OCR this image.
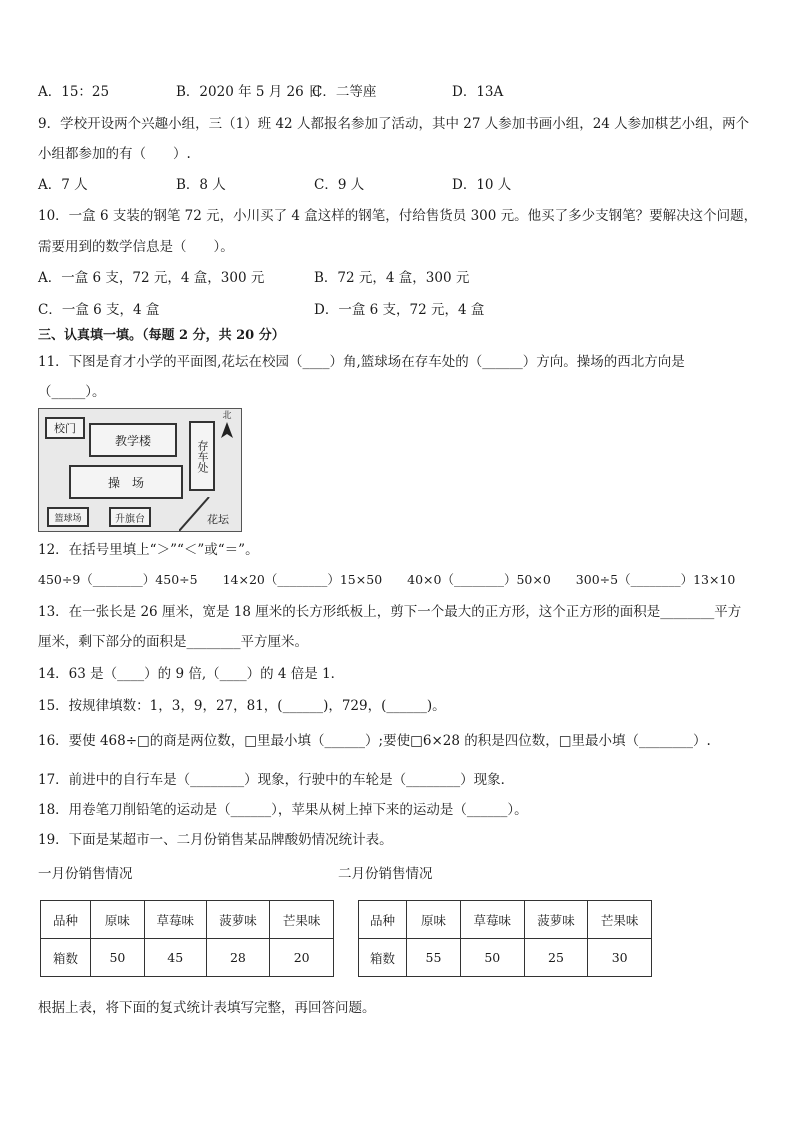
A．15：25	B．2020 年 5 月 26 日
C．二等座	D．13A
9．学校开设两个兴趣小组，三（1）班 42 人都报名参加了活动，其中 27 人参加书画小组，24 人参加棋艺小组，两个
小组都参加的有（　　）.
A．7 人	B．8 人	C．9 人	D．10 人
10．一盒 6 支装的钢笔 72 元，小川买了 4 盒这样的钢笔，付给售货员 300 元。他买了多少支钢笔？要解决这个问题，
需要用到的数学信息是（　　）。
A．一盒 6 支，72 元，4 盒，300 元	B．72 元，4 盒，300 元
C．一盒 6 支，4 盒	D．一盒 6 支，72 元，4 盒
三、认真填一填。（每题 2 分，共 20 分）
11．下图是育才小学的平面图,花坛在校园（____）角,篮球场在存车处的（______）方向。操场的西北方向是
（_____）。
校门
教学楼	存车处
北
操　场
篮球场	升旗台	花坛
12．在括号里填上“＞”“＜”或“＝”。
450÷9（________）450÷5　　14×20（________）15×50　　40×0（________）50×0　　300÷5（________）13×10
13．在一张长是 26 厘米，宽是 18 厘米的长方形纸板上，剪下一个最大的正方形，这个正方形的面积是________平方
厘米，剩下部分的面积是________平方厘米。
14．63 是（____）的 9 倍,（____）的 4 倍是 1．
15．按规律填数：1，3，9，27，81，(______)，729，(______)。
16．要使 468÷□的商是两位数，□里最小填（______）;要使□6×28 的积是四位数，□里最小填（________）.
17．前进中的自行车是（________）现象，行驶中的车轮是（________）现象．
18．用卷笔刀削铅笔的运动是（______），苹果从树上掉下来的运动是（______）。
19．下面是某超市一、二月份销售某品牌酸奶情况统计表。
一月份销售情况	二月份销售情况
品种	原味	草莓味	菠萝味	芒果味
箱数	50	45	28	20
品种	原味	草莓味	菠萝味	芒果味
箱数	55	50	25	30
根据上表，将下面的复式统计表填写完整，再回答问题。
